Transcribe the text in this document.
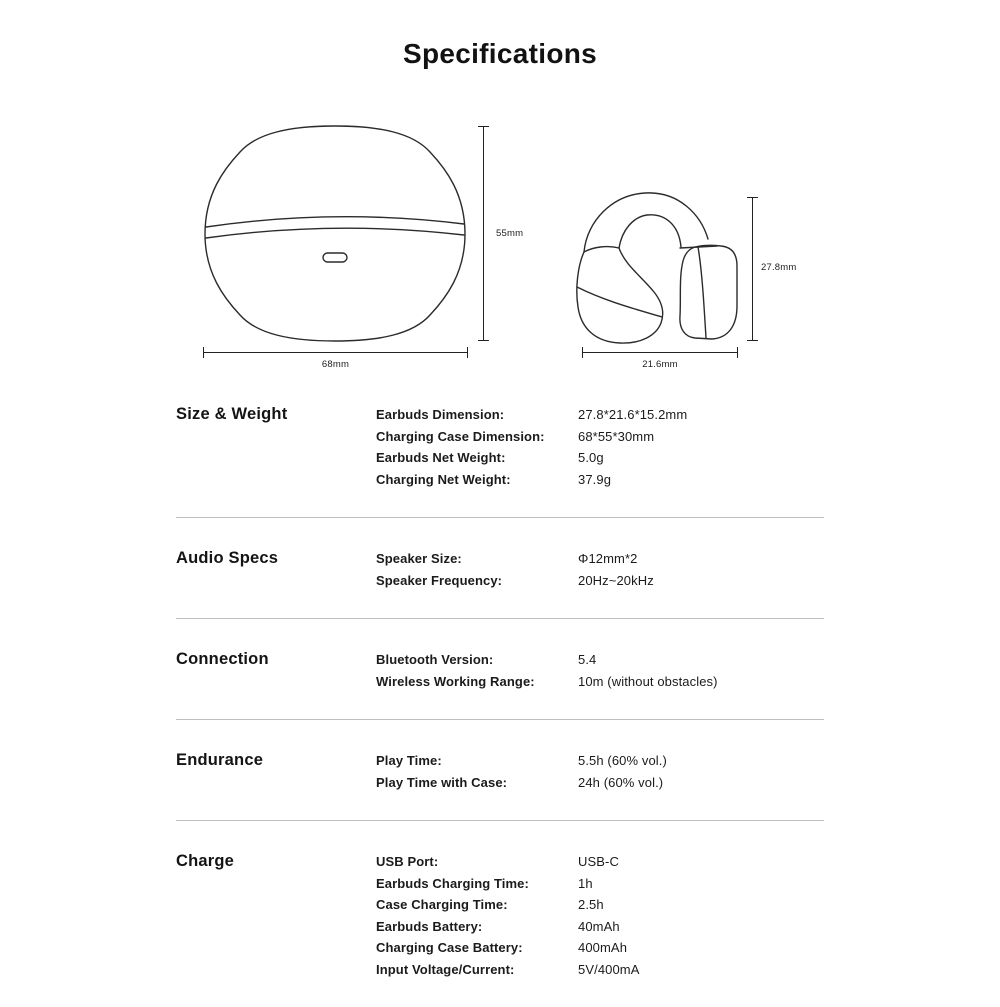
Specifications
55mm
68mm
27.8mm
21.6mm
Size & Weight	Earbuds Dimension:	27.8*21.6*15.2mm
Charging Case Dimension:	68*55*30mm
Earbuds Net Weight:	5.0g
Charging Net Weight:	37.9g
Audio Specs	Speaker Size:	Φ12mm*2
Speaker Frequency:	20Hz~20kHz
Connection	Bluetooth Version:	5.4
Wireless Working Range:	10m (without obstacles)
Endurance	Play Time:	5.5h (60% vol.)
Play Time with Case:	24h (60% vol.)
Charge	USB Port:	USB-C
Earbuds Charging Time:	1h
Case Charging Time:	2.5h
Earbuds Battery:	40mAh
Charging Case Battery:	400mAh
Input Voltage/Current:	5V/400mA
